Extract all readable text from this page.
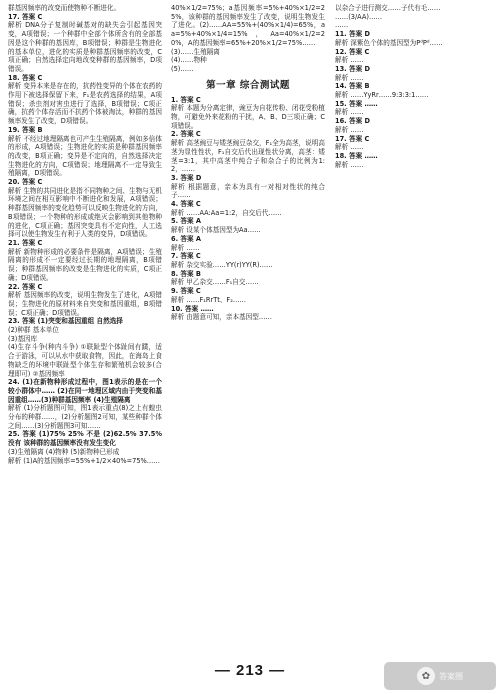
群基因频率的改变而使物种不断进化。

17. 答案 C

解析 DNA分子复制时碱基对的缺失会引起基因突变，A项错误；一个种群中全部个体所含有的全部基因是这个种群的基因库，B项错误；种群是生物进化的基本单位，进化的实质是种群基因频率的改变，C项正确；自然选择定向地改变种群的基因频率，D项错误。

18. 答案 C

解析 变异本来是存在的，抗药性变异的个体在农药的作用下被选择保留下来，F₁是农药选择的结果，A项错误；杀虫剂对害虫进行了选择，B项错误；C项正确，抗药个体存活而不抗药个体被淘汰，种群的基因频率发生了改变，D项错误。

19. 答案 B

解析 不经过地理隔离也可产生生殖隔离，例如多倍体的形成，A项错误；生物进化的实质是种群基因频率的改变，B项正确；变异是不定向的，自然选择决定生物进化的方向，C项错误；地理隔离不一定导致生殖隔离，D项错误。

20. 答案 C

解析 生物的共同进化是指不同物种之间、生物与无机环境之间在相互影响中不断进化和发展，A项错误；种群基因频率的变化趋势可以反映生物进化的方向，B项错误；一个物种的形成或绝灭会影响到其他物种的进化，C项正确；基因突变具有不定向性，人工选择可以使生物发生有利于人类的变异，D项错误。

21. 答案 C

解析 新物种形成的必要条件是隔离，A项错误；生殖隔离的形成不一定要经过长期的地理隔离，B项错误；种群基因频率的改变是生物进化的实质，C项正确；D项错误。

22. 答案 C

解析 基因频率的改变，说明生物发生了进化，A项错误；生物进化的原材料来自突变和基因重组，B项错误；C项正确；D项错误。

23. 答案 (1)突变和基因重组 自然选择

(2)种群 基本单位

(3)基因库

(4)生存斗争(种内斗争) ①联趾型个体趾间有蹼，适合于游泳，可以从水中获取食物，因此，在海岛上食物缺乏的环境中联趾型个体生存和繁殖机会较多(合理即可) ②基因频率

24. (1)在新物种形成过程中，图1表示的是在一个较小群体中…… (2)在同一地理区域内由于突变和基因重组……(3)种群基因频率 (4)生殖隔离

解析 (1)分析题图可知，图1表示重点(8)之上有蝗虫分布的种群……，(2)分析题图2可知，某些种群个体之间……(3)分析题图3可知……

25. 答案 (1)75% 25% 不是 (2)62.5% 37.5% 没有 该种群的基因频率没有发生变化

(3)生殖隔离 (4)物种 (5)新物种已形成

解析 (1)A的基因频率=55%+1/2×40%=75%……

40%×1/2=75%；a基因频率=5%+40%×1/2=25%，该种群的基因频率发生了改变，说明生物发生了进化。(2)……AA=55%+(40%×1/4)=65%，aa=5%+40%×1/4=15%，Aa=40%×1/2=20%，A的基因频率=65%+20%×1/2=75%……

(3)……生殖隔离

(4)……物种

(5)……

第一章 综合测试题

1. 答案 C

解析 本题为分离定律，豌豆为自花传粉、闭花受粉植物，可避免外来花粉的干扰，A、B、D三项正确；C项错误。

2. 答案 C

解析 高茎豌豆与矮茎豌豆杂交，F₁全为高茎，说明高茎为显性性状，F₁自交后代出现性状分离，高茎：矮茎=3:1，其中高茎中纯合子和杂合子的比例为1:2，……

3. 答案 D

解析 根据题意，亲本为具有一对相对性状的纯合子……

4. 答案 C

解析 ……AA:Aa=1:2，自交后代……

5. 答案 A

解析 设某个体基因型为Aa……

6. 答案 A

解析 ……

7. 答案 C

解析 杂交实验……YY(r)YY(R)……

8. 答案 B

解析 甲乙杂交……F₁自交……

9. 答案 C

解析 ……F₁RrTt、F₂……

10. 答案 ……

解析 由题意可知，亲本基因型……

以杂合子进行测交……子代有毛……

……(3/AA)……

……

11. 答案 D

解析 深紫色个体的基因型为PᵈPᵈ……

12. 答案 C

解析 ……

13. 答案 D

解析 ……

14. 答案 B

解析 ……YyRr……9:3:3:1……

15. 答案 ……

解析 ……

16. 答案 D

解析 ……

17. 答案 C

解析 ……

18. 答案 ……

解析 ……

— 213 —	✿	答案圈
